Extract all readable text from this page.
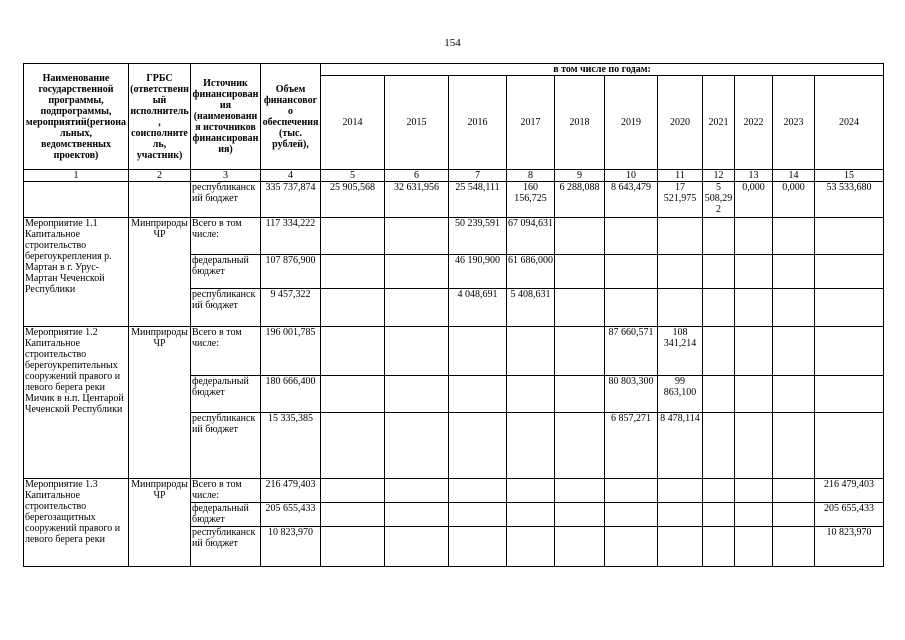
154
Наименование государственной программы, подпрограммы, мероприятий(региональных, ведомственных проектов)	ГРБС (ответственный исполнитель, соисполнитель, участник)	Источник финансирования (наименования источников финансирования)	Объем финансового обеспечения (тыс. рублей),	в том числе по годам:										
				2014	2015	2016	2017	2018	2019	2020	2021	2022	2023	2024
1	2	3	4	5	6	7	8	9	10	11	12	13	14	15
		республиканский бюджет	335 737,874	25 905,568	32 631,956	25 548,111	160 156,725	6 288,088	8 643,479	17 521,975	5 508,292	0,000	0,000	53 533,680
Мероприятие 1.1 Капитальное строительство берегоукрепления р. Мартан в г. Урус-Мартан Чеченской Республики	Минприроды ЧР	Всего в том числе:	117 334,222			50 239,591	67 094,631							
		федеральный бюджет	107 876,900			46 190,900	61 686,000							
		республиканский бюджет	9 457,322			4 048,691	5 408,631							
Мероприятие 1.2 Капитальное строительство берегоукрепительных сооружений правого и левого берега реки Мичик в н.п. Центарой Чеченской Республики	Минприроды ЧР	Всего в том числе:	196 001,785						87 660,571	108 341,214				
		федеральный бюджет	180 666,400						80 803,300	99 863,100				
		республиканский бюджет	15 335,385						6 857,271	8 478,114				
Мероприятие 1.3 Капитальное строительство берегозащитных сооружений правого и левого берега реки	Минприроды ЧР	Всего в том числе:	216 479,403											216 479,403
		федеральный бюджет	205 655,433											205 655,433
		республиканский бюджет	10 823,970											10 823,970
